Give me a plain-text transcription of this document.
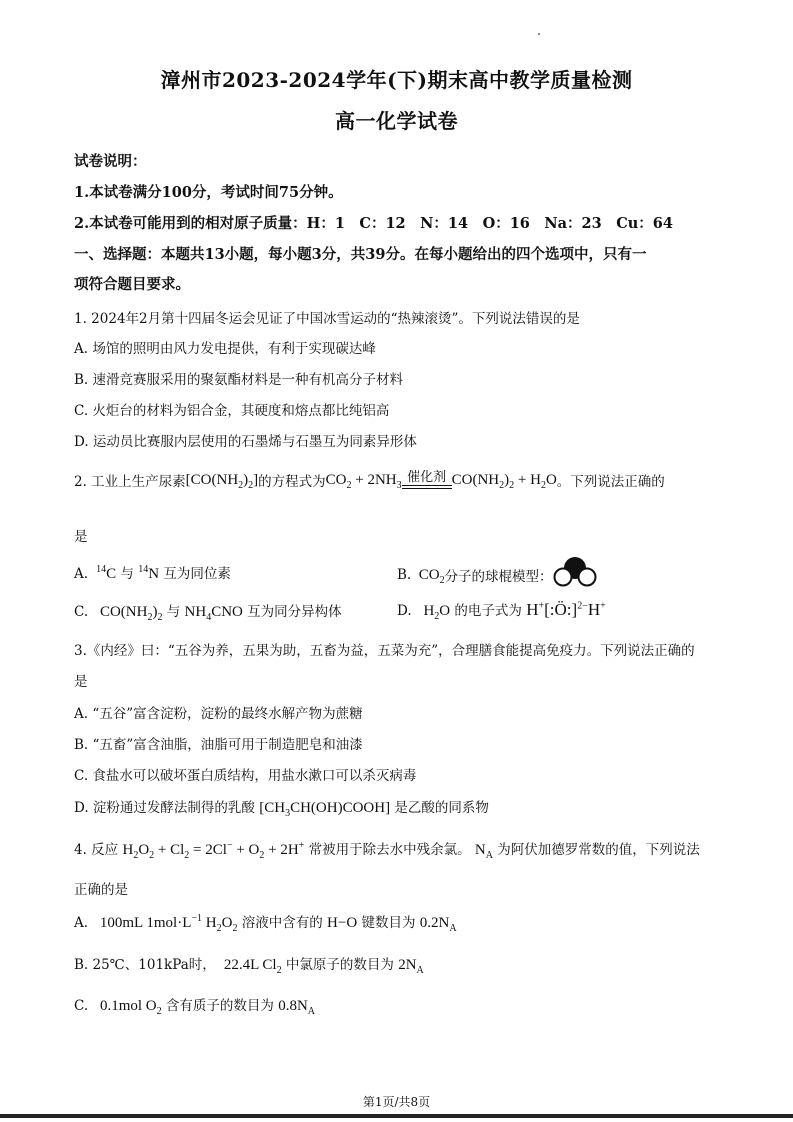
漳州市2023-2024学年(下)期末高中教学质量检测
高一化学试卷
试卷说明：
1.本试卷满分100分，考试时间75分钟。
2.本试卷可能用到的相对原子质量：H：1　C：12　N：14　O：16　Na：23　Cu：64
一、选择题：本题共13小题，每小题3分，共39分。在每小题给出的四个选项中，只有一
项符合题目要求。
1. 2024年2月第十四届冬运会见证了中国冰雪运动的“热辣滚烫”。下列说法错误的是
A. 场馆的照明由风力发电提供，有利于实现碳达峰
B. 速滑竞赛服采用的聚氨酯材料是一种有机高分子材料
C. 火炬台的材料为铝合金，其硬度和熔点都比纯铝高
D. 运动员比赛服内层使用的石墨烯与石墨互为同素异形体
2. 工业上生产尿素 $[CO(NH_2)_2]$ 的方程式为 $CO_2 + 2NH_3$ 催化剂 $CO(NH_2)_2 + H_2O$ 。下列说法正确的
是
A. $^{14}$C 与 $^{14}$N 互为同位素	B. $CO_2$ 分子的球棍模型：
C.   $CO(NH_2)_2$ 与 $NH_4CNO$ 互为同分异构体	D.   $H_2O$ 的电子式为 H+[:Ö:]$^{2-}$H+
3.《内经》曰：“五谷为养，五果为助，五畜为益，五菜为充”，合理膳食能提高免疫力。下列说法正确的
是
A. “五谷”富含淀粉，淀粉的最终水解产物为蔗糖
B. “五畜”富含油脂，油脂可用于制造肥皂和油漆
C. 食盐水可以破坏蛋白质结构，用盐水漱口可以杀灭病毒
D. 淀粉通过发酵法制得的乳酸 $[CH_3CH(OH)COOH]$ 是乙酸的同系物
4. 反应 $H_2O_2 + Cl_2 = 2Cl^- + O_2 + 2H^+$ 常被用于除去水中残余氯。 $N_A$ 为阿伏加德罗常数的值，下列说法
正确的是
A.   100mL $1mol\cdot L^{-1}$ $H_2O_2$ 溶液中含有的 H−O 键数目为 $0.2N_A$
B. 25℃、101kPa时，  22.4L $Cl_2$ 中氯原子的数目为 $2N_A$
C.   0.1mol $O_2$ 含有质子的数目为 $0.8N_A$
第1页/共8页
